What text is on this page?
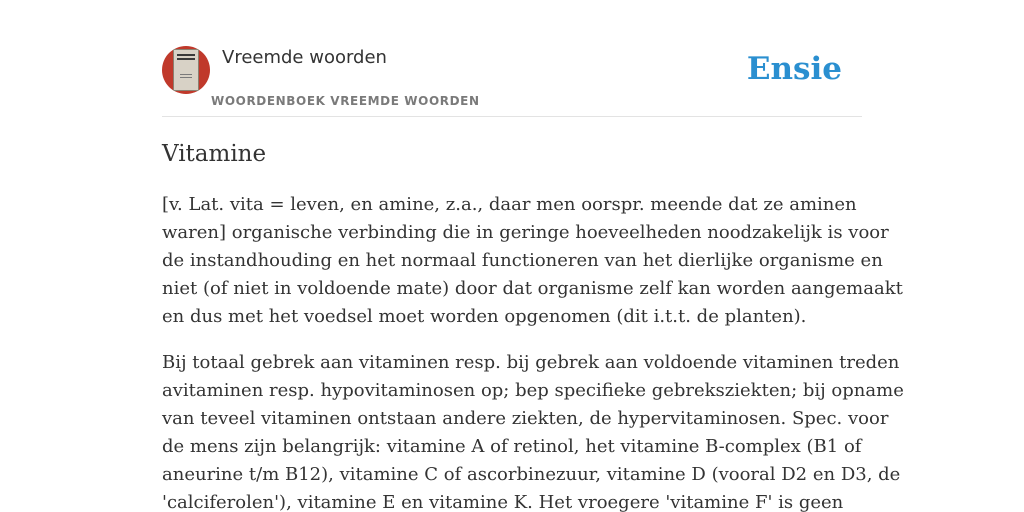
Vreemde woorden
WOORDENBOEK VREEMDE WOORDEN
Ensie
Vitamine

[v. Lat. vita = leven, en amine, z.a., daar men oorspr. meende dat ze aminen
waren] organische verbinding die in geringe hoeveelheden noodzakelijk is voor
de instandhouding en het normaal functioneren van het dierlijke organisme en
niet (of niet in voldoende mate) door dat organisme zelf kan worden aangemaakt
en dus met het voedsel moet worden opgenomen (dit i.t.t. de planten).

Bij totaal gebrek aan vitaminen resp. bij gebrek aan voldoende vitaminen treden
avitaminen resp. hypovitaminosen op; bep specifieke gebreksziekten; bij opname
van teveel vitaminen ontstaan andere ziekten, de hypervitaminosen. Spec. voor
de mens zijn belangrijk: vitamine A of retinol, het vitamine B-complex (B1 of
aneurine t/m B12), vitamine C of ascorbinezuur, vitamine D (vooral D2 en D3, de
'calciferolen'), vitamine E en vitamine K. Het vroegere 'vitamine F' is geen
